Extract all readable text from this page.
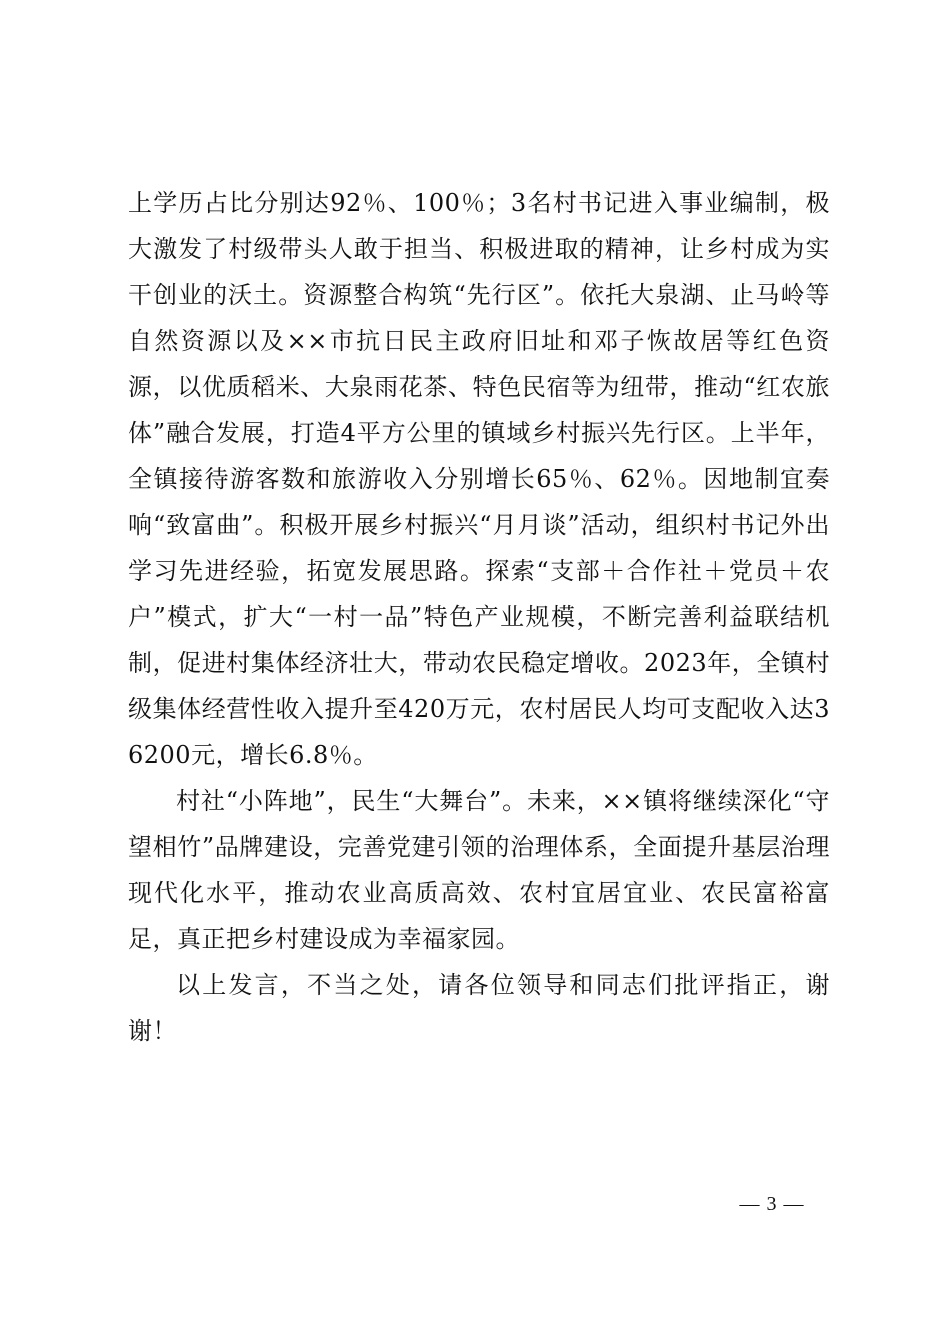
上学历占比分别达92％、100％；3名村书记进入事业编制，极大激发了村级带头人敢于担当、积极进取的精神，让乡村成为实干创业的沃土。资源整合构筑“先行区”。依托大泉湖、止马岭等自然资源以及××市抗日民主政府旧址和邓子恢故居等红色资源，以优质稻米、大泉雨花茶、特色民宿等为纽带，推动“红农旅体”融合发展，打造4平方公里的镇域乡村振兴先行区。上半年，全镇接待游客数和旅游收入分别增长65％、62％。因地制宜奏响“致富曲”。积极开展乡村振兴“月月谈”活动，组织村书记外出学习先进经验，拓宽发展思路。探索“支部＋合作社＋党员＋农户”模式，扩大“一村一品”特色产业规模，不断完善利益联结机制，促进村集体经济壮大，带动农民稳定增收。2023年，全镇村级集体经营性收入提升至420万元，农村居民人均可支配收入达36200元，增长6.8％。

村社“小阵地”，民生“大舞台”。未来，××镇将继续深化“守望相竹”品牌建设，完善党建引领的治理体系，全面提升基层治理现代化水平，推动农业高质高效、农村宜居宜业、农民富裕富足，真正把乡村建设成为幸福家园。

以上发言，不当之处，请各位领导和同志们批评指正，谢谢！

— 3 —
